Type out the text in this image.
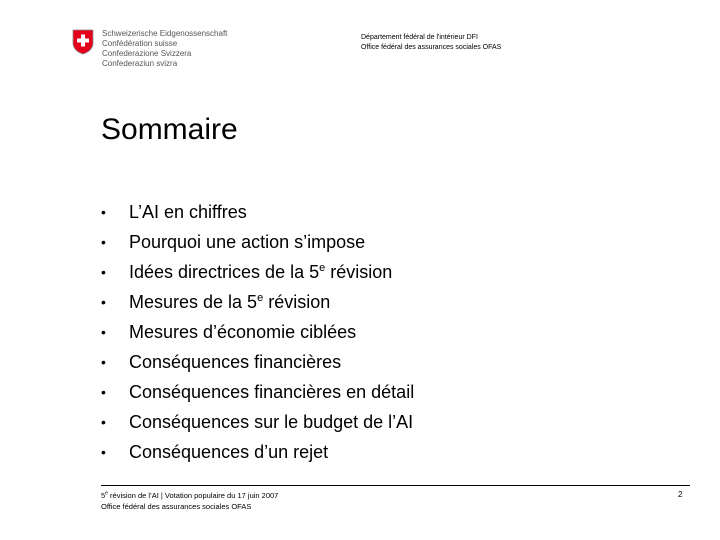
Schweizerische Eidgenossenschaft
Confédération suisse
Confederazione Svizzera
Confederaziun svizra
Département fédéral de l'intérieur DFI
Office fédéral des assurances sociales OFAS
Sommaire
•	L’AI en chiffres
•	Pourquoi une action s’impose
•	Idées directrices de la 5e révision
•	Mesures de la 5e révision
•	Mesures d’économie ciblées
•	Conséquences financières
•	Conséquences financières en détail
•	Conséquences sur le budget de l’AI
•	Conséquences d’un rejet
5e révision de l’AI | Votation populaire du 17 juin 2007
Office fédéral des assurances sociales OFAS
2
